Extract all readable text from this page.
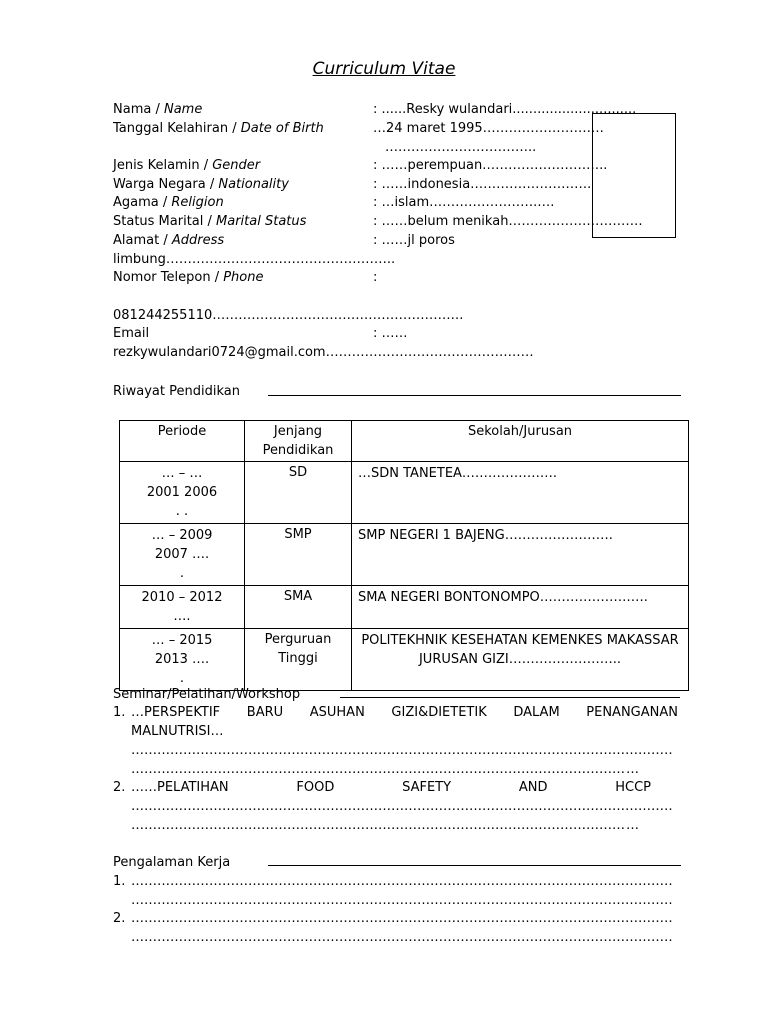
Curriculum Vitae
Nama / Name	: ......Resky wulandari..............................
Tanggal Kelahiran / Date of Birth	…24 maret 1995……………………….
……………………………..
Jenis Kelamin / Gender	: ……perempuan………………………..
Warga Negara / Nationality	: ……indonesia……………………….
Agama / Religion	: …islam…………………….….
Status Marital / Marital Status	: ……belum menikah………………………….
Alamat / Address	: ……jl poros
limbung……………………………………………..
Nomor Telepon / Phone	:
081244255110………………………………………………….
Email	: ……
rezkywulandari0724@gmail.com…………………………………………
Riwayat Pendidikan
Periode	Jenjang Pendidikan	Sekolah/Jurusan

… – …
2001 2006
. .	SD	…SDN TANETEA………………….

… – 2009
2007 ….
.	SMP	SMP NEGERI 1 BAJENG…………………….

2010 – 2012
….	SMA	SMA NEGERI BONTONOMPO…………………….

… – 2015
2013 ….
.	Perguruan Tinggi	POLITEKHNIK KESEHATAN KEMENKES MAKASSAR JURUSAN GIZI……………………..
Seminar/Pelatihan/Workshop
1. …PERSPEKTIF BARU ASUHAN GIZI&DIETETIK DALAM PENANGANAN
MALNUTRISI…
……………………………………………………………………………………………………………………………………………
……………………………………………………………………………………………………………………………………………
…
2. ……PELATIHAN	FOOD	SAFETY	AND	HCCP
……………………………………………………………………………………………………………………………………………
……………………………………………………………………………………………………………………………………………
…
Pengalaman Kerja
1.
……………………………………………………………………………………………………………………………………………
……………………………………………………………………………………………………………………………………………
2.
……………………………………………………………………………………………………………………………………………
……………………………………………………………………………………………………………………………………………
